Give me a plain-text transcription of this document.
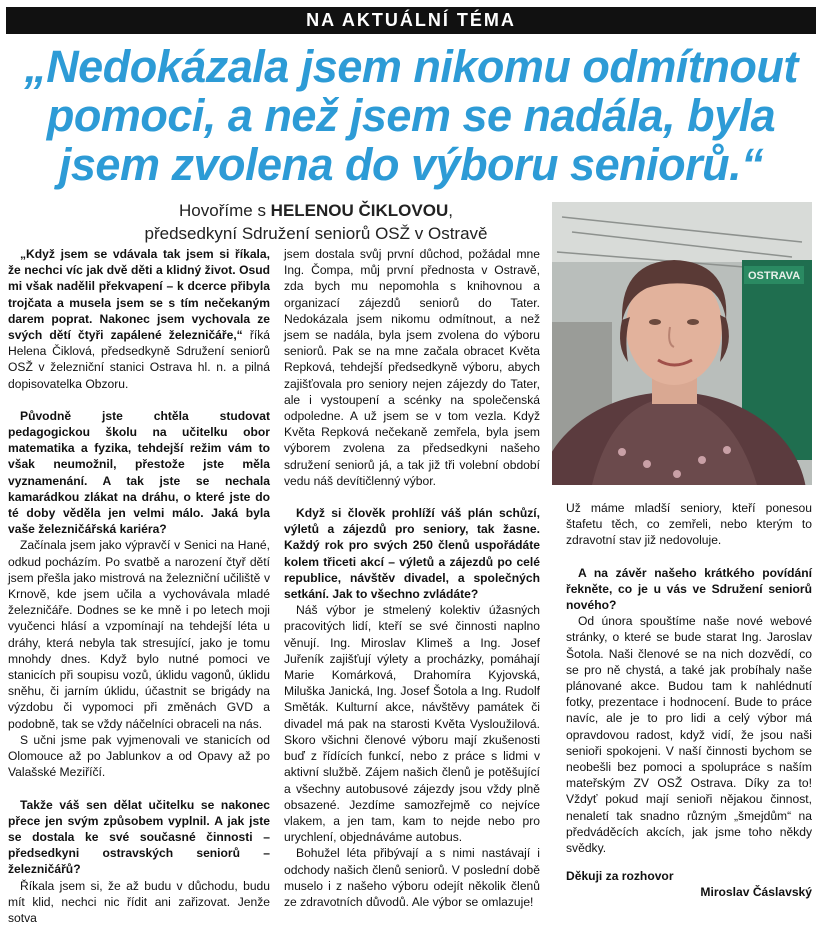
NA AKTUÁLNÍ TÉMA
„Nedokázala jsem nikomu odmítnout pomoci, a než jsem se nadála, byla jsem zvolena do výboru seniorů.“
Hovoříme s HELENOU ČIKLOVOU,
předsedkyní Sdružení seniorů OSŽ v Ostravě
OSTRAVA

„Když jsem se vdávala tak jsem si říkala, že nechci víc jak dvě děti a klidný život. Osud mi však nadělil překvapení – k dcerce přibyla trojčata a musela jsem se s tím nečekaným darem poprat. Nakonec jsem vychovala ze svých dětí čtyři zapálené železničáře,“ říká Helena Čiklová, předsedkyně Sdružení seniorů OSŽ v železniční stanici Ostrava hl. n. a pilná dopisovatelka Obzoru.

Původně jste chtěla studovat pedagogickou školu na učitelku obor matematika a fyzika, tehdejší režim vám to však neumožnil, přestože jste měla vyznamenání. A tak jste se nechala kamarádkou zlákat na dráhu, o které jste do té doby věděla jen velmi málo. Jaká byla vaše železničářská kariéra?

Začínala jsem jako výpravčí v Senici na Hané, odkud pocházím. Po svatbě a narození čtyř dětí jsem přešla jako mistrová na železniční učiliště v Krnově, kde jsem učila a vychovávala mladé železničáře. Dodnes se ke mně i po letech moji vyučenci hlásí a vzpomínají na tehdejší léta u dráhy, která nebyla tak stresující, jako je tomu mnohdy dnes. Když bylo nutné pomoci ve stanicích při soupisu vozů, úklidu vagonů, úklidu sněhu, či jarním úklidu, účastnit se brigády na výzdobu či vypomoci při změnách GVD a podobně, tak se vždy náčelníci obraceli na nás.

S učni jsme pak vyjmenovali ve stanicích od Olomouce až po Jablunkov a od Opavy až po Valašské Meziříčí.

Takže váš sen dělat učitelku se nakonec přece jen svým způsobem vyplnil. A jak jste se dostala ke své současné činnosti – předsedkyni ostravských seniorů – železničářů?

Říkala jsem si, že až budu v důchodu, budu mít klid, nechci nic řídit ani zařizovat. Jenže sotva

jsem dostala svůj první důchod, požádal mne Ing. Čompa, můj první přednosta v Ostravě, zda bych mu nepomohla s knihovnou a organizací zájezdů seniorů do Tater. Nedokázala jsem nikomu odmítnout, a než jsem se nadála, byla jsem zvolena do výboru seniorů. Pak se na mne začala obracet Květa Repková, tehdejší předsedkyně výboru, abych zajišťovala pro seniory nejen zájezdy do Tater, ale i vystoupení a scénky na společenská odpoledne. A už jsem se v tom vezla. Když Květa Repková nečekaně zemřela, byla jsem výborem zvolena za předsedkyni našeho sdružení seniorů já, a tak již tři volební období vedu náš devítičlenný výbor.

Když si člověk prohlíží váš plán schůzí, výletů a zájezdů pro seniory, tak žasne. Každý rok pro svých 250 členů uspořádáte kolem třiceti akcí – výletů a zájezdů po celé republice, návštěv divadel, a společných setkání. Jak to všechno zvládáte?

Náš výbor je stmelený kolektiv úžasných pracovitých lidí, kteří se své činnosti naplno věnují. Ing. Miroslav Klimeš a Ing. Josef Juřeník zajišťují výlety a procházky, pomáhají Marie Komárková, Drahomíra Kyjovská, Miluška Janická, Ing. Josef Šotola a Ing. Rudolf Směták. Kulturní akce, návštěvy památek či divadel má pak na starosti Květa Vysloužilová. Skoro všichni členové výboru mají zkušenosti buď z řídících funkcí, nebo z práce s lidmi v aktivní službě. Zájem našich členů je potěšující a všechny autobusové zájezdy jsou vždy plně obsazené. Jezdíme samozřejmě co nejvíce vlakem, a jen tam, kam to nejde nebo pro urychlení, objednáváme autobus.

Bohužel léta přibývají a s nimi nastávají i odchody našich členů seniorů. V poslední době muselo i z našeho výboru odejít několik členů ze zdravotních důvodů. Ale výbor se omlazuje!

Už máme mladší seniory, kteří ponesou štafetu těch, co zemřeli, nebo kterým to zdravotní stav již nedovoluje.

A na závěr našeho krátkého povídání řekněte, co je u vás ve Sdružení seniorů nového?

Od února spouštíme naše nové webové stránky, o které se bude starat Ing. Jaroslav Šotola. Naši členové se na nich dozvědí, co se pro ně chystá, a také jak probíhaly naše plánované akce. Budou tam k nahlédnutí fotky, prezentace i hodnocení. Bude to práce navíc, ale je to pro lidi a celý výbor má opravdovou radost, když vidí, že jsou naši senioři spokojeni. V naší činnosti bychom se neobešli bez pomoci a spolupráce s naším mateřským ZV OSŽ Ostrava. Díky za to! Vždyť pokud mají senioři nějakou činnost, nenaletí tak snadno různým „šmejdům“ na předváděcích akcích, jak jsme toho někdy svědky.

Děkuji za rozhovor

Miroslav Čáslavský
